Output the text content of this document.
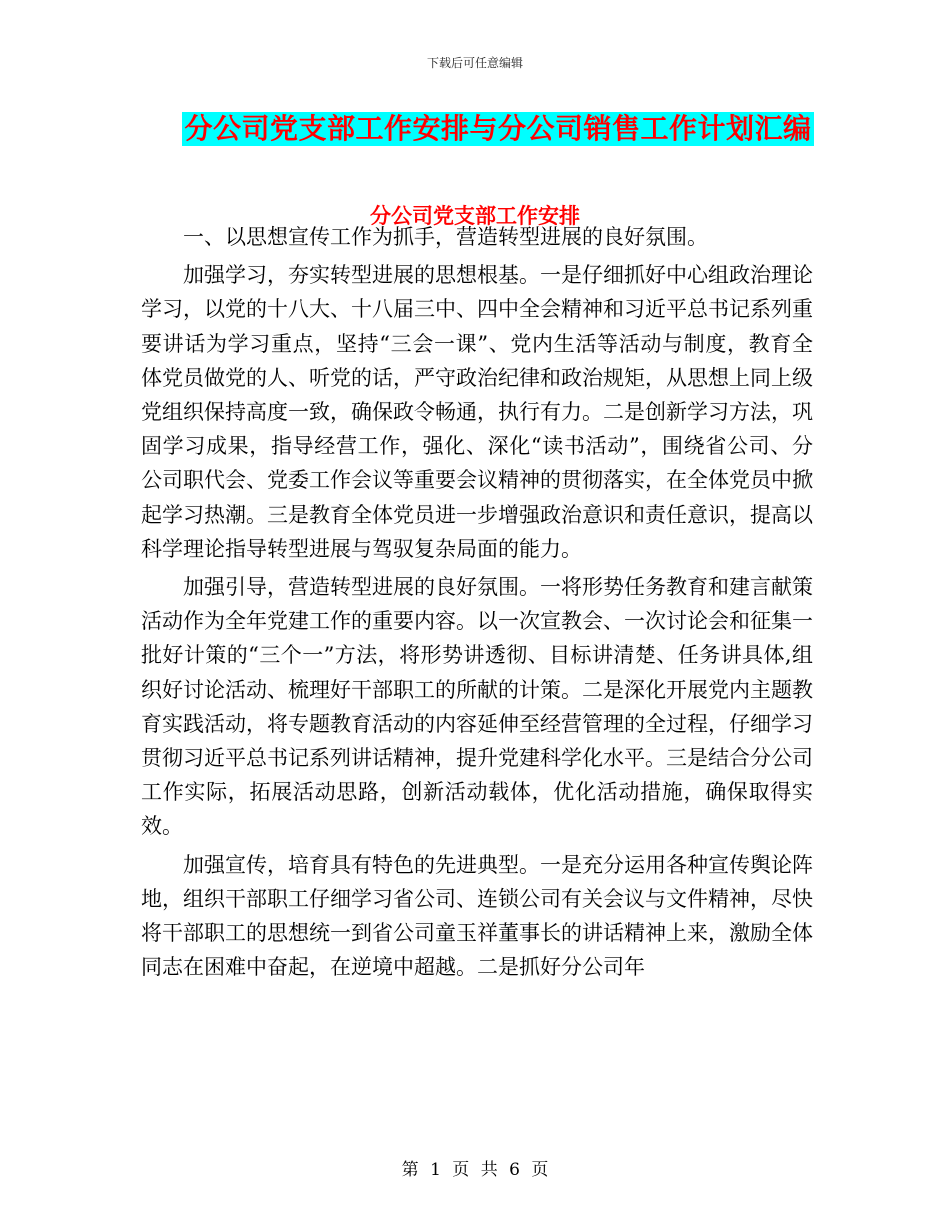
下载后可任意编辑
分公司党支部工作安排与分公司销售工作计划汇编
分公司党支部工作安排

一、以思想宣传工作为抓手，营造转型进展的良好氛围。

加强学习，夯实转型进展的思想根基。一是仔细抓好中心组政治理论学习，以党的十八大、十八届三中、四中全会精神和习近平总书记系列重要讲话为学习重点，坚持“三会一课”、党内生活等活动与制度，教育全体党员做党的人、听党的话，严守政治纪律和政治规矩，从思想上同上级党组织保持高度一致，确保政令畅通，执行有力。二是创新学习方法，巩固学习成果，指导经营工作，强化、深化“读书活动”，围绕省公司、分公司职代会、党委工作会议等重要会议精神的贯彻落实，在全体党员中掀起学习热潮。三是教育全体党员进一步增强政治意识和责任意识，提高以科学理论指导转型进展与驾驭复杂局面的能力。

加强引导，营造转型进展的良好氛围。一将形势任务教育和建言献策活动作为全年党建工作的重要内容。以一次宣教会、一次讨论会和征集一批好计策的“三个一”方法，将形势讲透彻、目标讲清楚、任务讲具体,组织好讨论活动、梳理好干部职工的所献的计策。二是深化开展党内主题教育实践活动，将专题教育活动的内容延伸至经营管理的全过程，仔细学习贯彻习近平总书记系列讲话精神，提升党建科学化水平。三是结合分公司工作实际，拓展活动思路，创新活动载体，优化活动措施，确保取得实效。

加强宣传，培育具有特色的先进典型。一是充分运用各种宣传舆论阵地，组织干部职工仔细学习省公司、连锁公司有关会议与文件精神，尽快将干部职工的思想统一到省公司童玉祥董事长的讲话精神上来，激励全体同志在困难中奋起，在逆境中超越。二是抓好分公司年

第 1 页 共 6 页
